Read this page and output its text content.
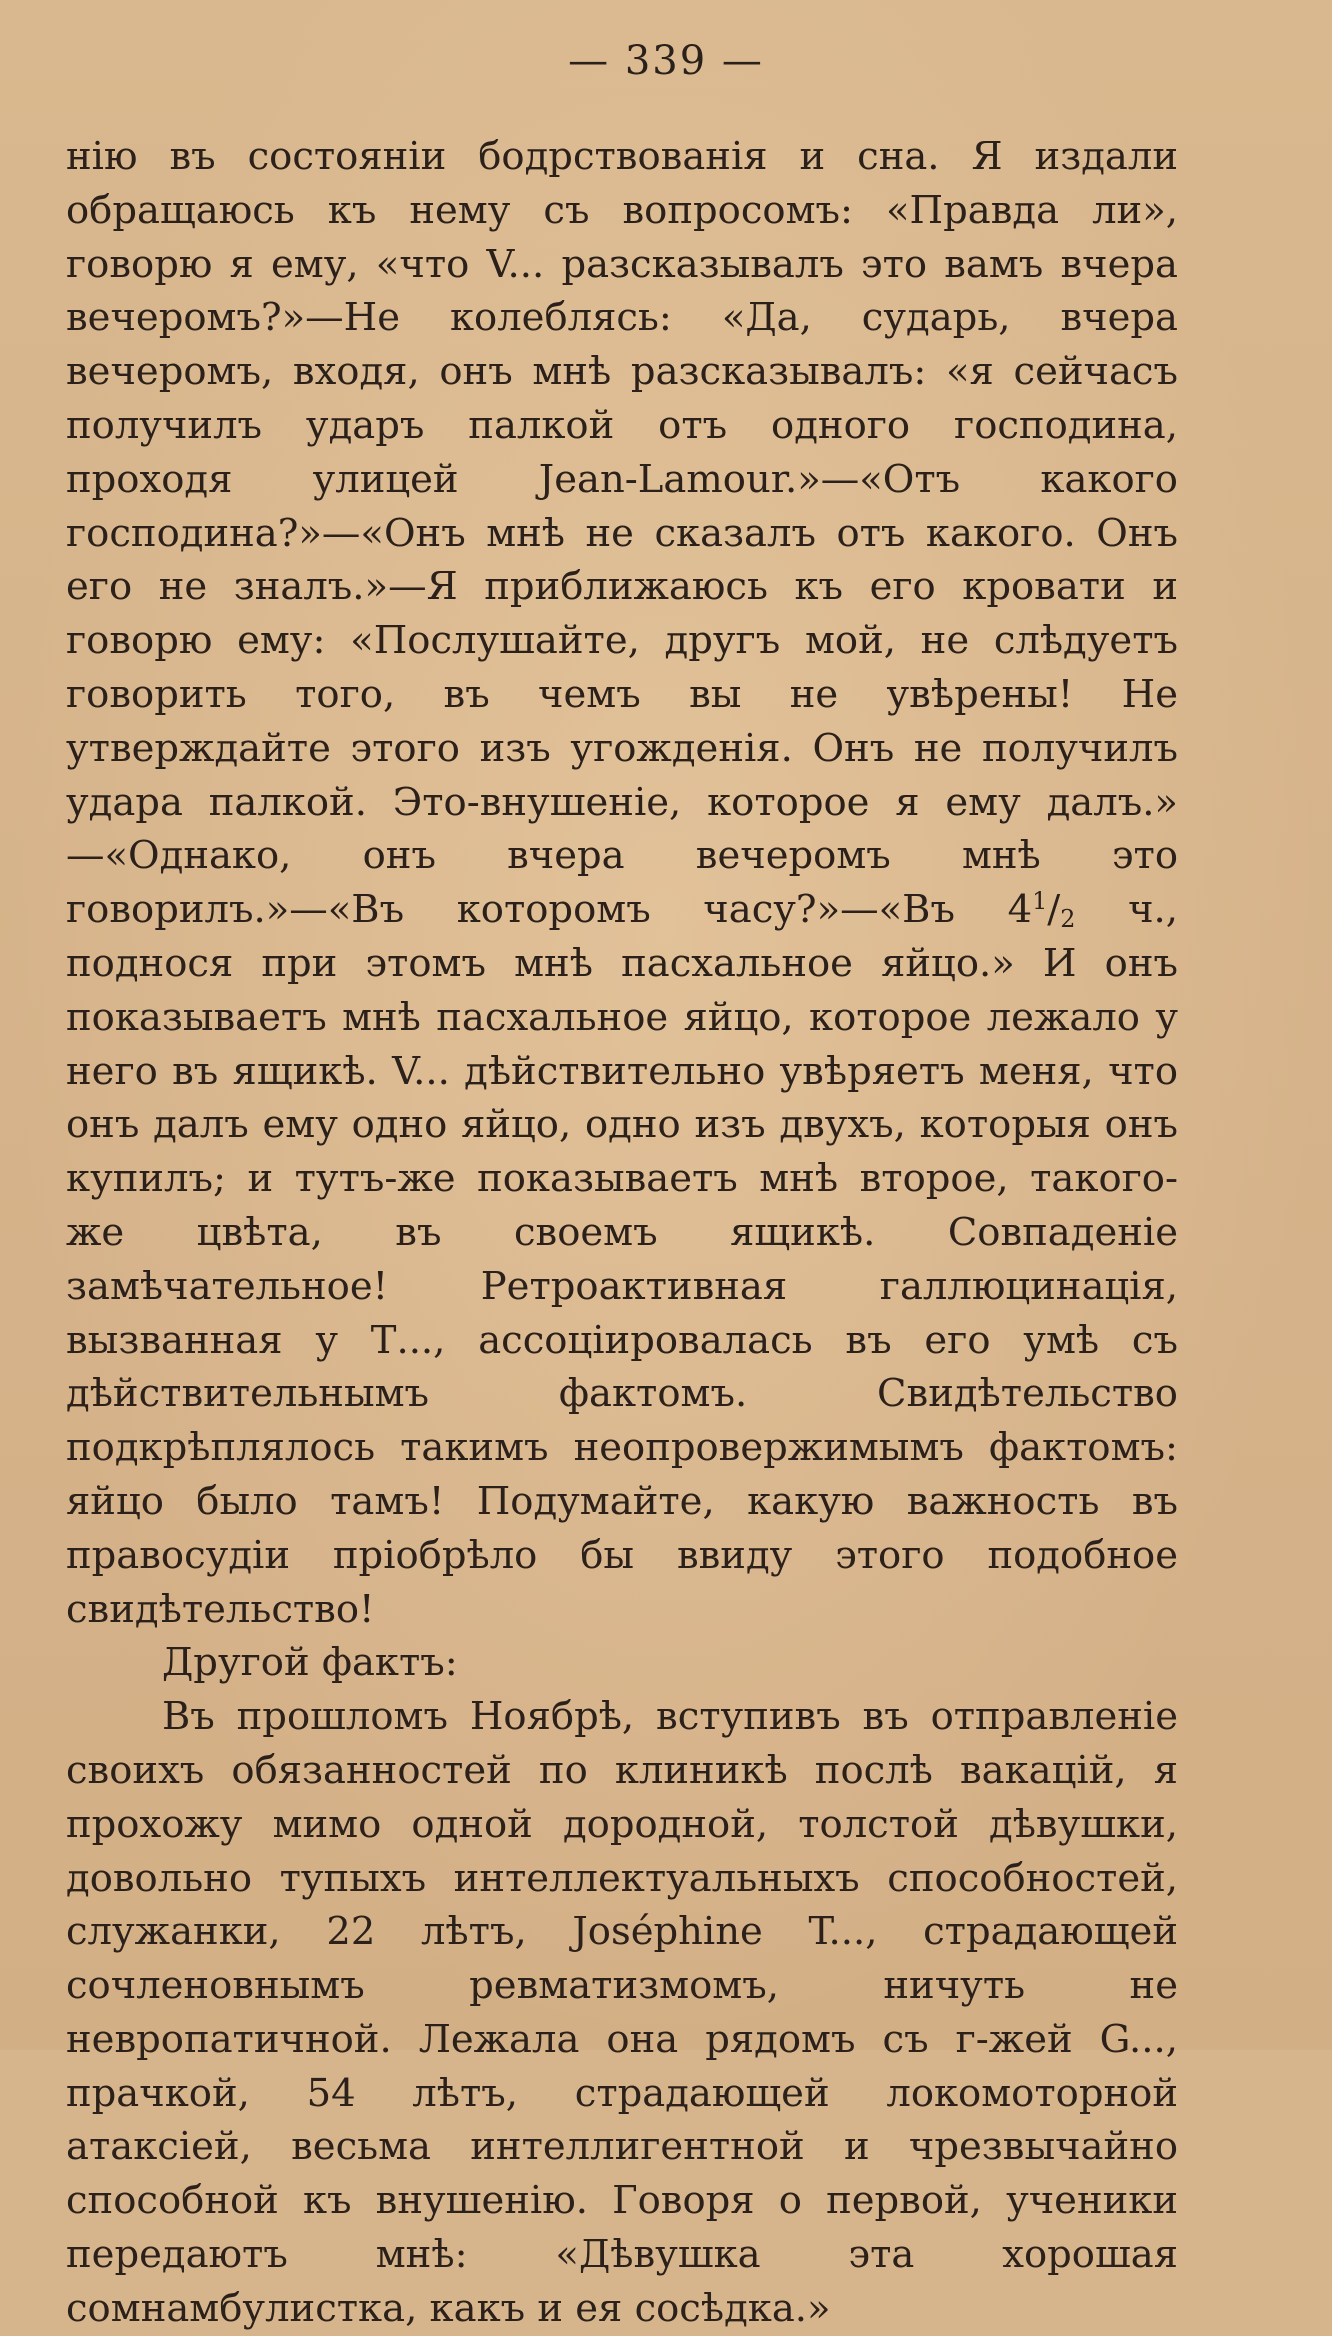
— 339 —

нію въ состояніи бодрствованія и сна. Я издали обращаюсь къ нему съ вопросомъ: «Правда ли», говорю я ему, «что V... разсказывалъ это вамъ вчера вечеромъ?»—Не колеблясь: «Да, сударь, вчера вечеромъ, входя, онъ мнѣ разсказывалъ: «я сейчасъ получилъ ударъ палкой отъ одного господина, проходя улицей Jean-Lamour.»—«Отъ какого господина?»—«Онъ мнѣ не сказалъ отъ какого. Онъ его не зналъ.»—Я приближаюсь къ его кровати и говорю ему: «Послушайте, другъ мой, не слѣдуетъ говорить того, въ чемъ вы не увѣрены! Не утверждайте этого изъ угожденія. Онъ не получилъ удара палкой. Это-внушеніе, которое я ему далъ.» —«Однако, онъ вчера вечеромъ мнѣ это говорилъ.»—«Въ которомъ часу?»—«Въ $4^1/_2$ ч., поднося при этомъ мнѣ пасхальное яйцо.» И онъ показываетъ мнѣ пасхальное яйцо, которое лежало у него въ ящикѣ. V... дѣйствительно увѣряетъ меня, что онъ далъ ему одно яйцо, одно изъ двухъ, которыя онъ купилъ; и тутъ-же показываетъ мнѣ второе, такого-же цвѣта, въ своемъ ящикѣ. Совпаденіе замѣчательное! Ретроактивная галлюцинація, вызванная у Т..., ассоціировалась въ его умѣ съ дѣйствительнымъ фактомъ. Свидѣтельство подкрѣплялось такимъ неопровержимымъ фактомъ: яйцо было тамъ! Подумайте, какую важность въ правосудіи пріобрѣло бы ввиду этого подобное свидѣтельство!

Другой фактъ:

Въ прошломъ Ноябрѣ, вступивъ въ отправленіе своихъ обязанностей по клиникѣ послѣ вакацій, я прохожу мимо одной дородной, толстой дѣвушки, довольно тупыхъ интеллектуальныхъ способностей, служанки, 22 лѣтъ, Joséphine T..., страдающей сочленовнымъ ревматизмомъ, ничуть не невропатичной. Лежала она рядомъ съ г-жей G..., прачкой, 54 лѣтъ, страдающей локомоторной атаксіей, весьма интеллигентной и чрезвычайно способной къ внушенію. Говоря о первой, ученики передаютъ мнѣ: «Дѣвушка эта хорошая сомнамбулистка, какъ и ея сосѣдка.»
